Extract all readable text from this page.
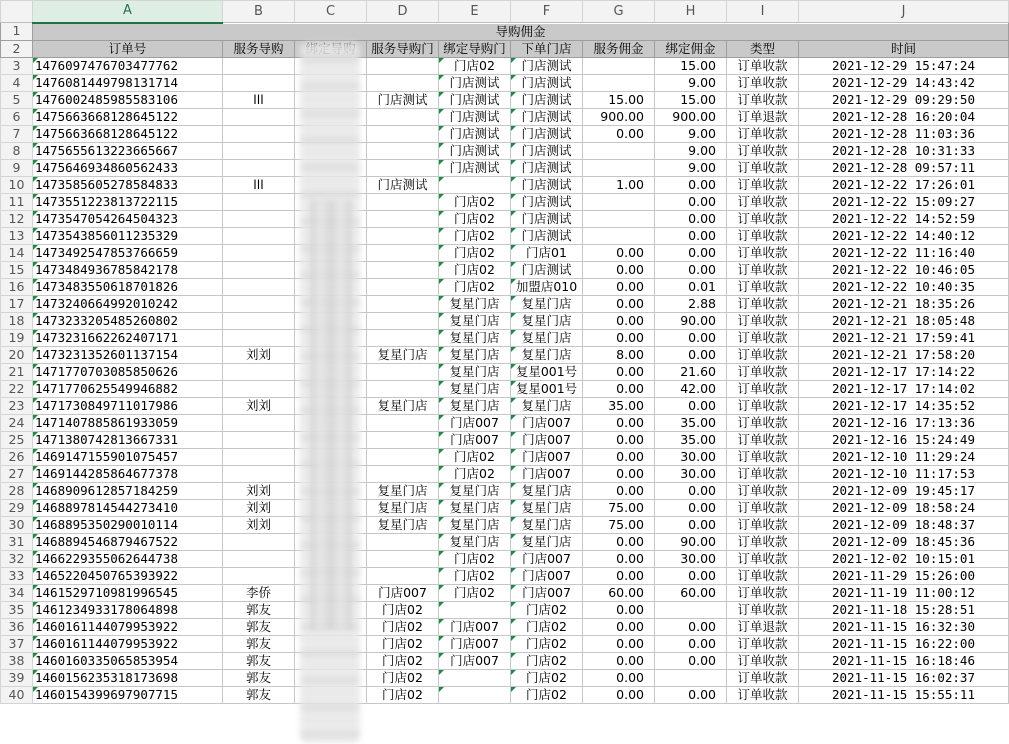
	A	B	C	D	E	F	G	H	I	J
1	导购佣金									
2	订单号	服务导购		服务导购门	绑定导购门	下单门店	服务佣金	绑定佣金	类型	时间
3	1476097476703477762				门店02	门店测试		15.00	订单收款	2021-12-29 15:47:24
4	1476081449798131714				门店测试	门店测试		9.00	订单收款	2021-12-29 14:43:42
5	1476002485985583106	lll		门店测试	门店测试	门店测试	15.00	15.00	订单收款	2021-12-29 09:29:50
6	1475663668128645122				门店测试	门店测试	900.00	900.00	订单退款	2021-12-28 16:20:04
7	1475663668128645122				门店测试	门店测试	0.00	9.00	订单收款	2021-12-28 11:03:36
8	1475655613223665667				门店测试	门店测试		9.00	订单收款	2021-12-28 10:31:33
9	1475646934860562433				门店测试	门店测试		9.00	订单收款	2021-12-28 09:57:11
10	1473585605278584833	lll		门店测试		门店测试	1.00	0.00	订单收款	2021-12-22 17:26:01
11	1473551223813722115				门店02	门店测试		0.00	订单收款	2021-12-22 15:09:27
12	1473547054264504323				门店02	门店测试		0.00	订单收款	2021-12-22 14:52:59
13	1473543856011235329				门店02	门店测试		0.00	订单收款	2021-12-22 14:40:12
14	1473492547853766659				门店02	门店01	0.00	0.00	订单收款	2021-12-22 11:16:40
15	1473484936785842178				门店02	门店测试	0.00	0.00	订单收款	2021-12-22 10:46:05
16	1473483550618701826				门店02	加盟店010	0.00	0.01	订单收款	2021-12-22 10:40:35
17	1473240664992010242				复星门店	复星门店	0.00	2.88	订单收款	2021-12-21 18:35:26
18	1473233205485260802				复星门店	复星门店	0.00	90.00	订单收款	2021-12-21 18:05:48
19	1473231662262407171				复星门店	复星门店	0.00	0.00	订单收款	2021-12-21 17:59:41
20	1473231352601137154	刘刘		复星门店	复星门店	复星门店	8.00	0.00	订单收款	2021-12-21 17:58:20
21	1471770703085850626				复星门店	复星001号	0.00	21.60	订单收款	2021-12-17 17:14:22
22	1471770625549946882				复星门店	复星001号	0.00	42.00	订单收款	2021-12-17 17:14:02
23	1471730849711017986	刘刘		复星门店	复星门店	复星门店	35.00	0.00	订单收款	2021-12-17 14:35:52
24	1471407885861933059				门店007	门店007	0.00	35.00	订单收款	2021-12-16 17:13:36
25	1471380742813667331				门店007	门店007	0.00	35.00	订单收款	2021-12-16 15:24:49
26	1469147155901075457				门店02	门店007	0.00	30.00	订单收款	2021-12-10 11:29:24
27	1469144285864677378				门店02	门店007	0.00	30.00	订单收款	2021-12-10 11:17:53
28	1468909612857184259	刘刘		复星门店	复星门店	复星门店	0.00	0.00	订单收款	2021-12-09 19:45:17
29	1468897814544273410	刘刘		复星门店	复星门店	复星门店	75.00	0.00	订单收款	2021-12-09 18:58:24
30	1468895350290010114	刘刘		复星门店	复星门店	复星门店	75.00	0.00	订单收款	2021-12-09 18:48:37
31	1468894546879467522				复星门店	复星门店	0.00	90.00	订单收款	2021-12-09 18:45:36
32	1466229355062644738				门店02	门店007	0.00	30.00	订单收款	2021-12-02 10:15:01
33	1465220450765393922				门店02	门店007	0.00	0.00	订单收款	2021-11-29 15:26:00
34	1461529710981996545	李侨		门店007	门店02	门店007	60.00	60.00	订单收款	2021-11-19 11:00:12
35	1461234933178064898	郭友		门店02		门店02	0.00		订单收款	2021-11-18 15:28:51
36	1460161144079953922	郭友		门店02	门店007	门店02	0.00	0.00	订单退款	2021-11-15 16:32:30
37	1460161144079953922	郭友		门店02	门店007	门店02	0.00	0.00	订单收款	2021-11-15 16:22:00
38	1460160335065853954	郭友		门店02	门店007	门店02	0.00	0.00	订单收款	2021-11-15 16:18:46
39	1460156235318173698	郭友		门店02		门店02	0.00		订单收款	2021-11-15 16:02:37
40	1460154399697907715	郭友		门店02		门店02	0.00	0.00	订单收款	2021-11-15 15:55:11
